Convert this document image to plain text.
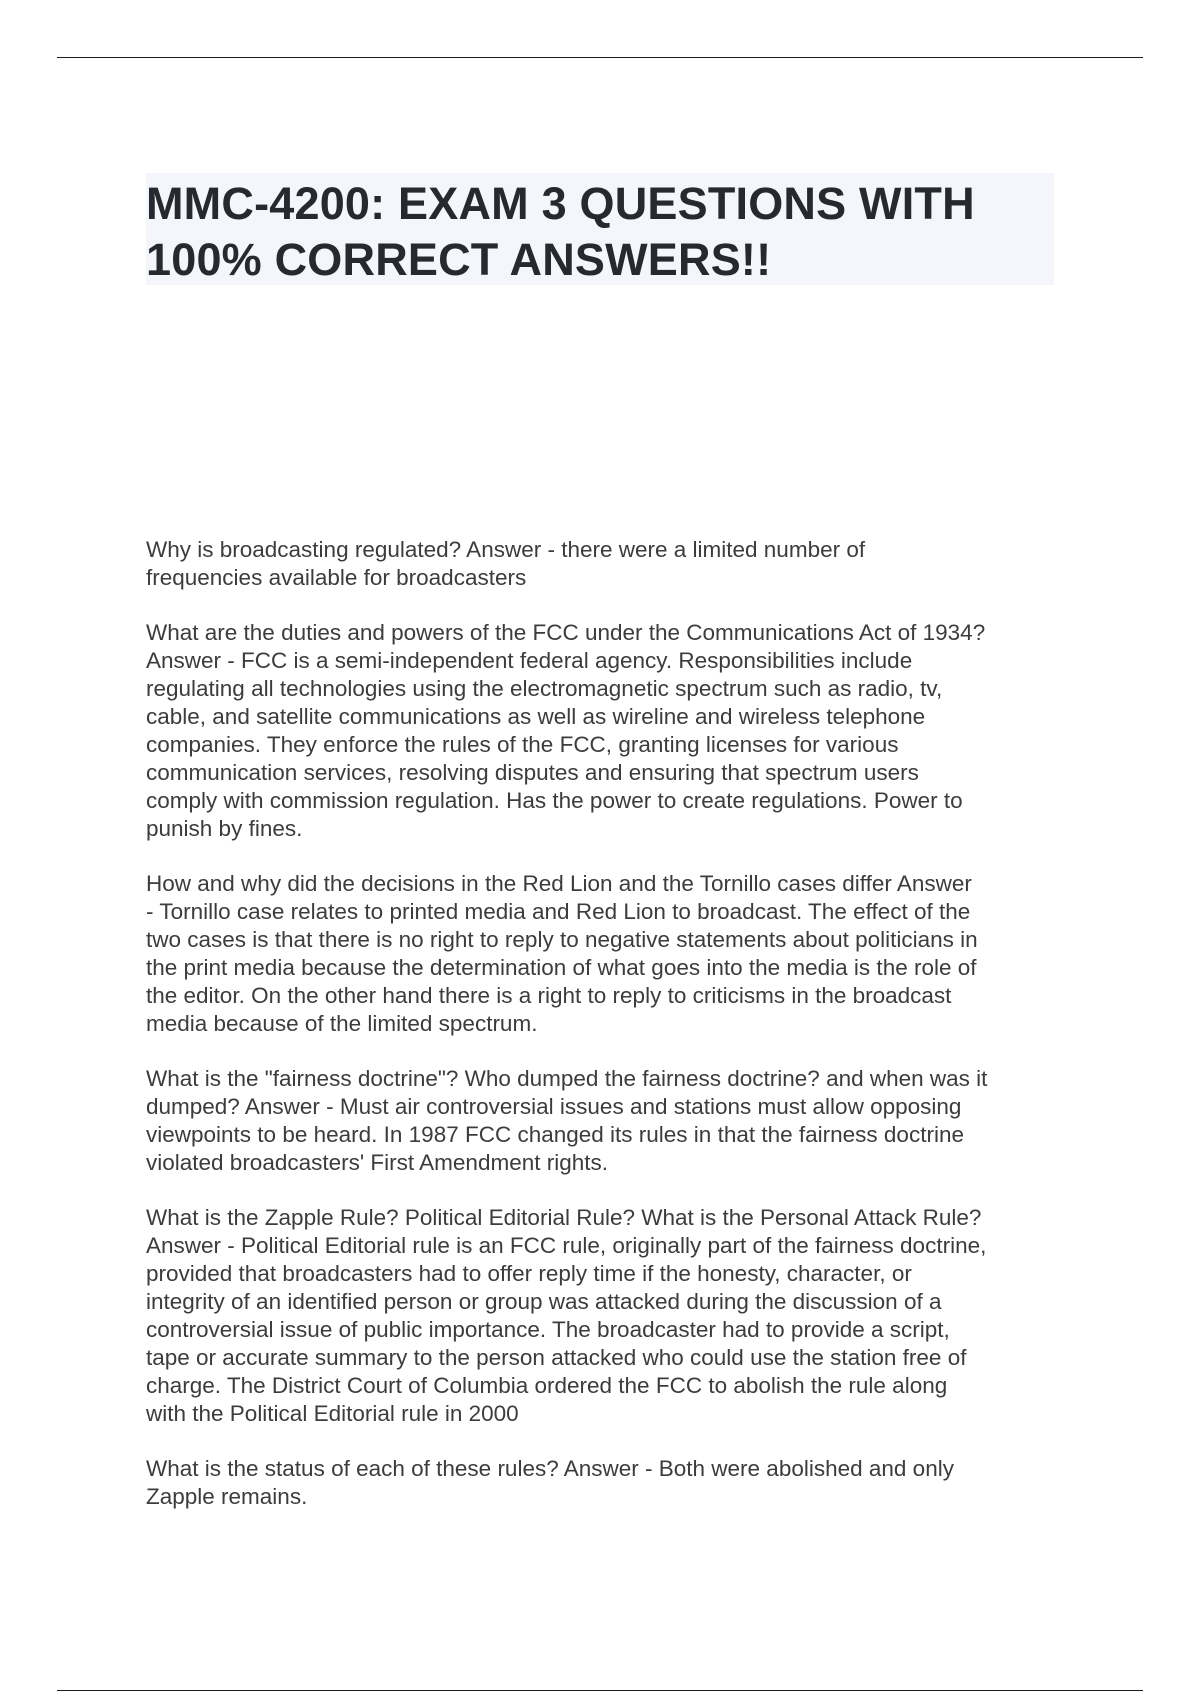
MMC-4200: EXAM 3 QUESTIONS WITH
100% CORRECT ANSWERS!!

Why is broadcasting regulated? Answer - there were a limited number of
frequencies available for broadcasters

What are the duties and powers of the FCC under the Communications Act of 1934?
Answer - FCC is a semi-independent federal agency. Responsibilities include
regulating all technologies using the electromagnetic spectrum such as radio, tv,
cable, and satellite communications as well as wireline and wireless telephone
companies. They enforce the rules of the FCC, granting licenses for various
communication services, resolving disputes and ensuring that spectrum users
comply with commission regulation. Has the power to create regulations. Power to
punish by fines.

How and why did the decisions in the Red Lion and the Tornillo cases differ Answer
- Tornillo case relates to printed media and Red Lion to broadcast. The effect of the
two cases is that there is no right to reply to negative statements about politicians in
the print media because the determination of what goes into the media is the role of
the editor. On the other hand there is a right to reply to criticisms in the broadcast
media because of the limited spectrum.

What is the "fairness doctrine"? Who dumped the fairness doctrine? and when was it
dumped? Answer - Must air controversial issues and stations must allow opposing
viewpoints to be heard. In 1987 FCC changed its rules in that the fairness doctrine
violated broadcasters' First Amendment rights.

What is the Zapple Rule? Political Editorial Rule? What is the Personal Attack Rule?
Answer - Political Editorial rule is an FCC rule, originally part of the fairness doctrine,
provided that broadcasters had to offer reply time if the honesty, character, or
integrity of an identified person or group was attacked during the discussion of a
controversial issue of public importance. The broadcaster had to provide a script,
tape or accurate summary to the person attacked who could use the station free of
charge. The District Court of Columbia ordered the FCC to abolish the rule along
with the Political Editorial rule in 2000

What is the status of each of these rules? Answer - Both were abolished and only
Zapple remains.
